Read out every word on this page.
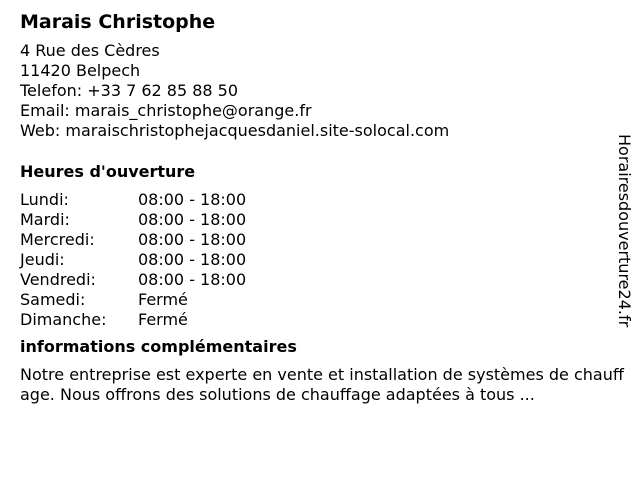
Marais Christophe
4 Rue des Cèdres
11420 Belpech
Telefon: +33 7 62 85 88 50
Email: marais_christophe@orange.fr
Web: maraischristophejacquesdaniel.site-solocal.com
Heures d'ouverture
Lundi:	08:00 - 18:00
Mardi:	08:00 - 18:00
Mercredi:	08:00 - 18:00
Jeudi:	08:00 - 18:00
Vendredi:	08:00 - 18:00
Samedi:	Fermé
Dimanche:	Fermé
informations complémentaires
Notre entreprise est experte en vente et installation de systèmes de chauffage. Nous offrons des solutions de chauffage adaptées à tous ...
Horairesdouverture24.fr
